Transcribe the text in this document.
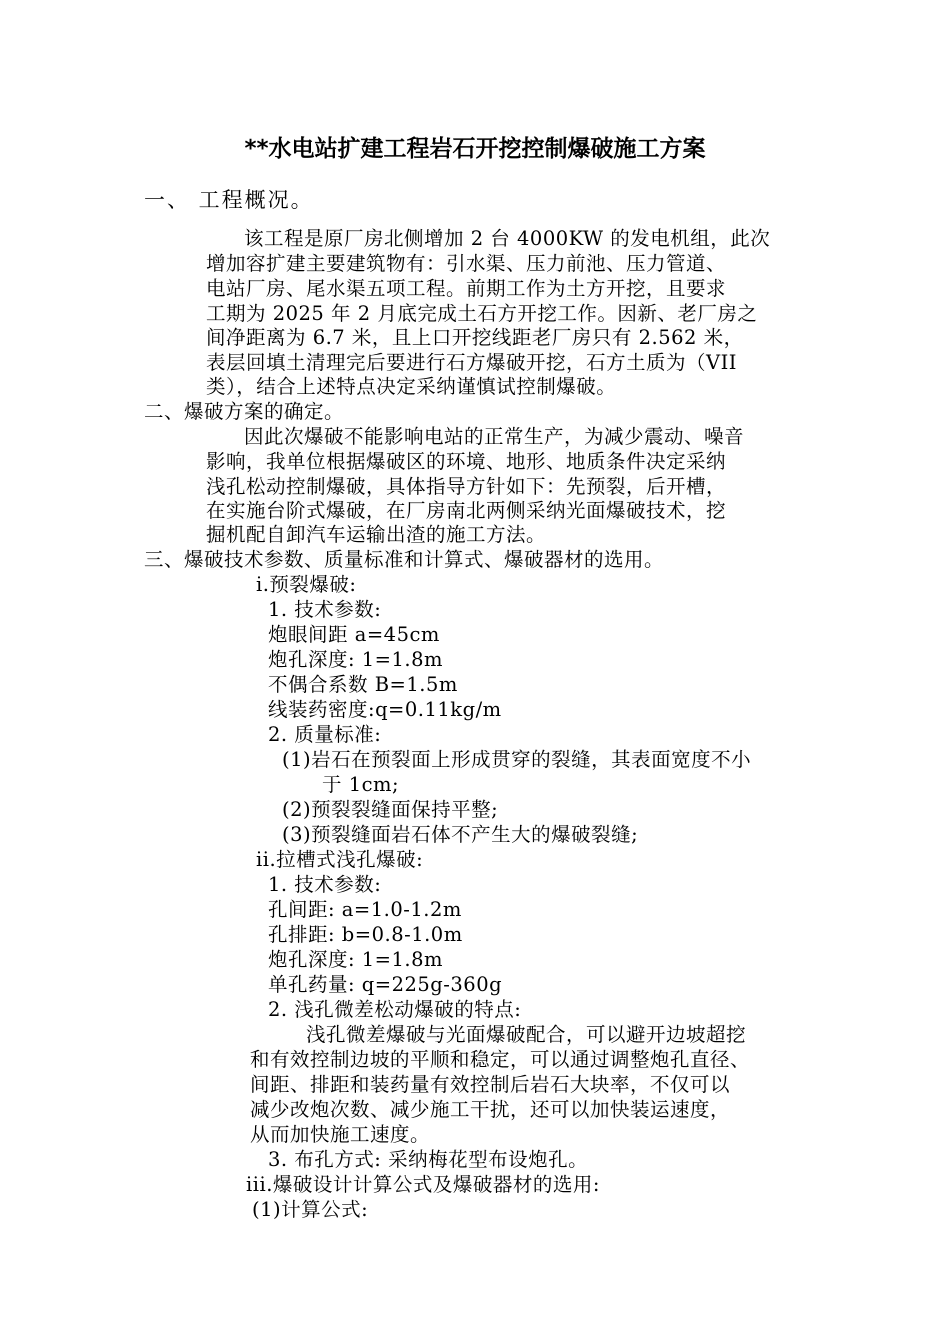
**水电站扩建工程岩石开挖控制爆破施工方案
一、 工程概况。
该工程是原厂房北侧增加 2 台 4000KW 的发电机组，此次
增加容扩建主要建筑物有：引水渠、压力前池、压力管道、
电站厂房、尾水渠五项工程。前期工作为土方开挖，且要求
工期为 2025 年 2 月底完成土石方开挖工作。因新、老厂房之
间净距离为 6.7 米，且上口开挖线距老厂房只有 2.562 米，
表层回填土清理完后要进行石方爆破开挖，石方土质为（VII
类），结合上述特点决定采纳谨慎试控制爆破。
二、爆破方案的确定。
因此次爆破不能影响电站的正常生产，为减少震动、噪音
影响，我单位根据爆破区的环境、地形、地质条件决定采纳
浅孔松动控制爆破，具体指导方针如下：先预裂，后开槽，
在实施台阶式爆破，在厂房南北两侧采纳光面爆破技术，挖
掘机配自卸汽车运输出渣的施工方法。
三、爆破技术参数、质量标准和计算式、爆破器材的选用。
i.预裂爆破:
1. 技术参数:
炮眼间距 a=45cm
炮孔深度: 1=1.8m
不偶合系数 B=1.5m
线装药密度:q=0.11kg/m
2. 质量标准:
(1)岩石在预裂面上形成贯穿的裂缝，其表面宽度不小
于 1cm;
(2)预裂裂缝面保持平整;
(3)预裂缝面岩石体不产生大的爆破裂缝;
ii.拉槽式浅孔爆破:
1. 技术参数:
孔间距: a=1.0-1.2m
孔排距: b=0.8-1.0m
炮孔深度: 1=1.8m
单孔药量: q=225g-360g
2. 浅孔微差松动爆破的特点:
浅孔微差爆破与光面爆破配合，可以避开边坡超挖
和有效控制边坡的平顺和稳定，可以通过调整炮孔直径、
间距、排距和装药量有效控制后岩石大块率，不仅可以
减少改炮次数、减少施工干扰，还可以加快装运速度，
从而加快施工速度。
3. 布孔方式: 采纳梅花型布设炮孔。
iii.爆破设计计算公式及爆破器材的选用:
(1)计算公式:
